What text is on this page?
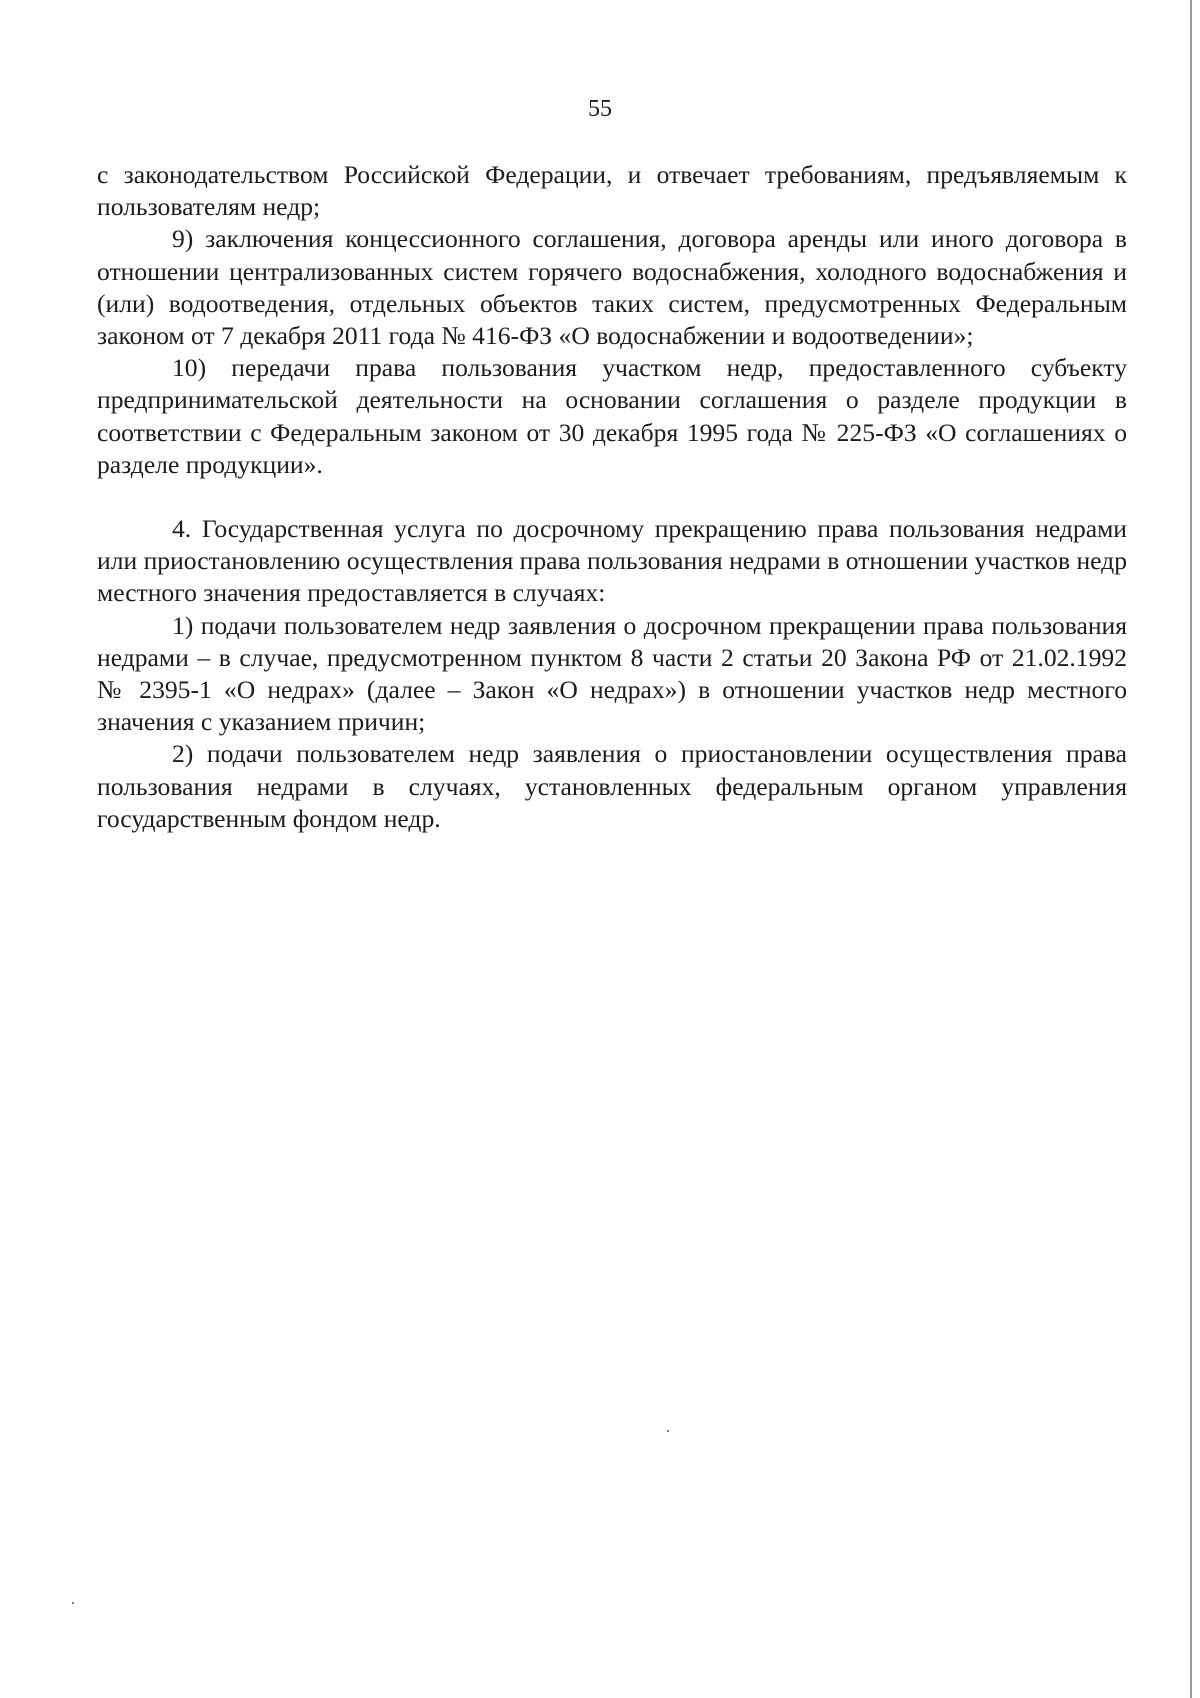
55

с законодательством Российской Федерации, и отвечает требованиям, предъявляемым к пользователям недр;

9) заключения концессионного соглашения, договора аренды или иного договора в отношении централизованных систем горячего водоснабжения, холодного водоснабжения и (или) водоотведения, отдельных объектов таких систем, предусмотренных Федеральным законом от 7 декабря 2011 года № 416-ФЗ «О водоснабжении и водоотведении»;

10) передачи права пользования участком недр, предоставленного субъекту предпринимательской деятельности на основании соглашения о разделе продукции в соответствии с Федеральным законом от 30 декабря 1995 года № 225-ФЗ «О соглашениях о разделе продукции».

4. Государственная услуга по досрочному прекращению права пользования недрами или приостановлению осуществления права пользования недрами в отношении участков недр местного значения предоставляется в случаях:

1) подачи пользователем недр заявления о досрочном прекращении права пользования недрами – в случае, предусмотренном пунктом 8 части 2 статьи 20 Закона РФ от 21.02.1992 № 2395-1 «О недрах» (далее – Закон «О недрах») в отношении участков недр местного значения с указанием причин;

2) подачи пользователем недр заявления о приостановлении осуществления права пользования недрами в случаях, установленных федеральным органом управления государственным фондом недр.
